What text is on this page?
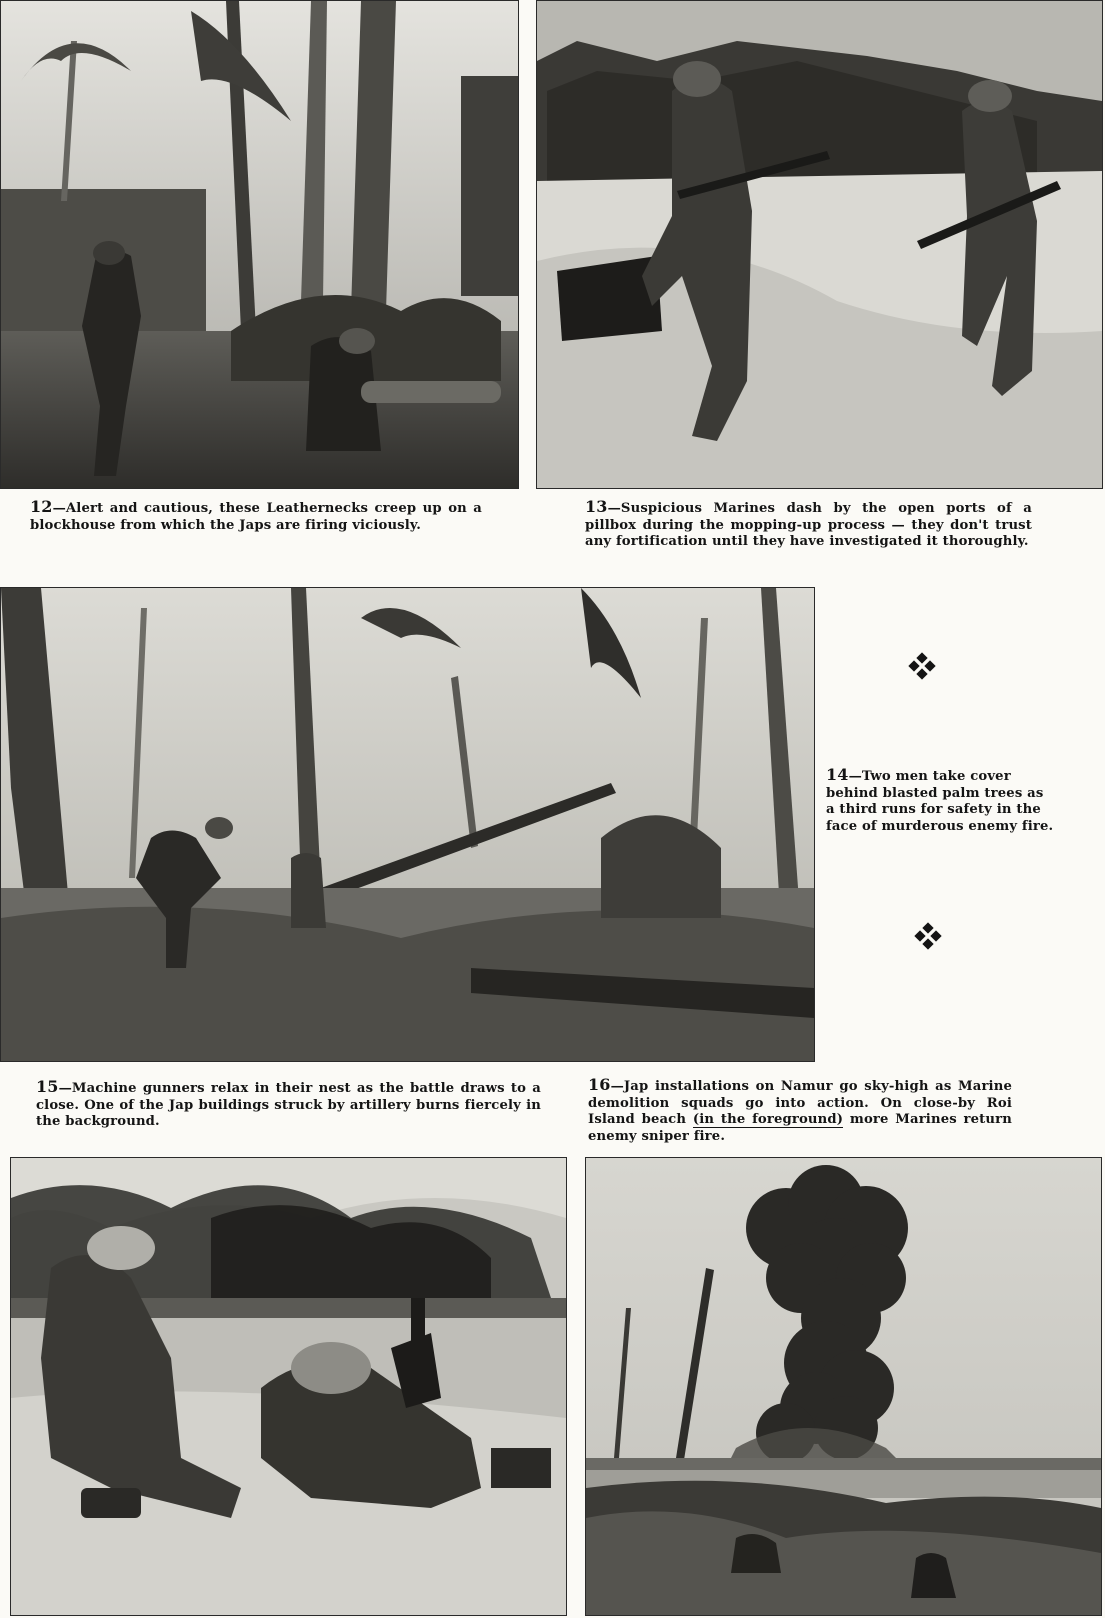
12—Alert and cautious, these Leathernecks creep up on a blockhouse from which the Japs are firing viciously.
13—Suspicious Marines dash by the open ports of a pillbox during the mopping-up process — they don't trust any fortification until they have investigated it thoroughly.
14—Two men take cover behind blasted palm trees as a third runs for safety in the face of murderous enemy fire.
15—Machine gunners relax in their nest as the battle draws to a close. One of the Jap buildings struck by artillery burns fiercely in the background.
16—Jap installations on Namur go sky-high as Marine demolition squads go into action. On close-by Roi Island beach (in the foreground) more Marines return enemy sniper fire.
